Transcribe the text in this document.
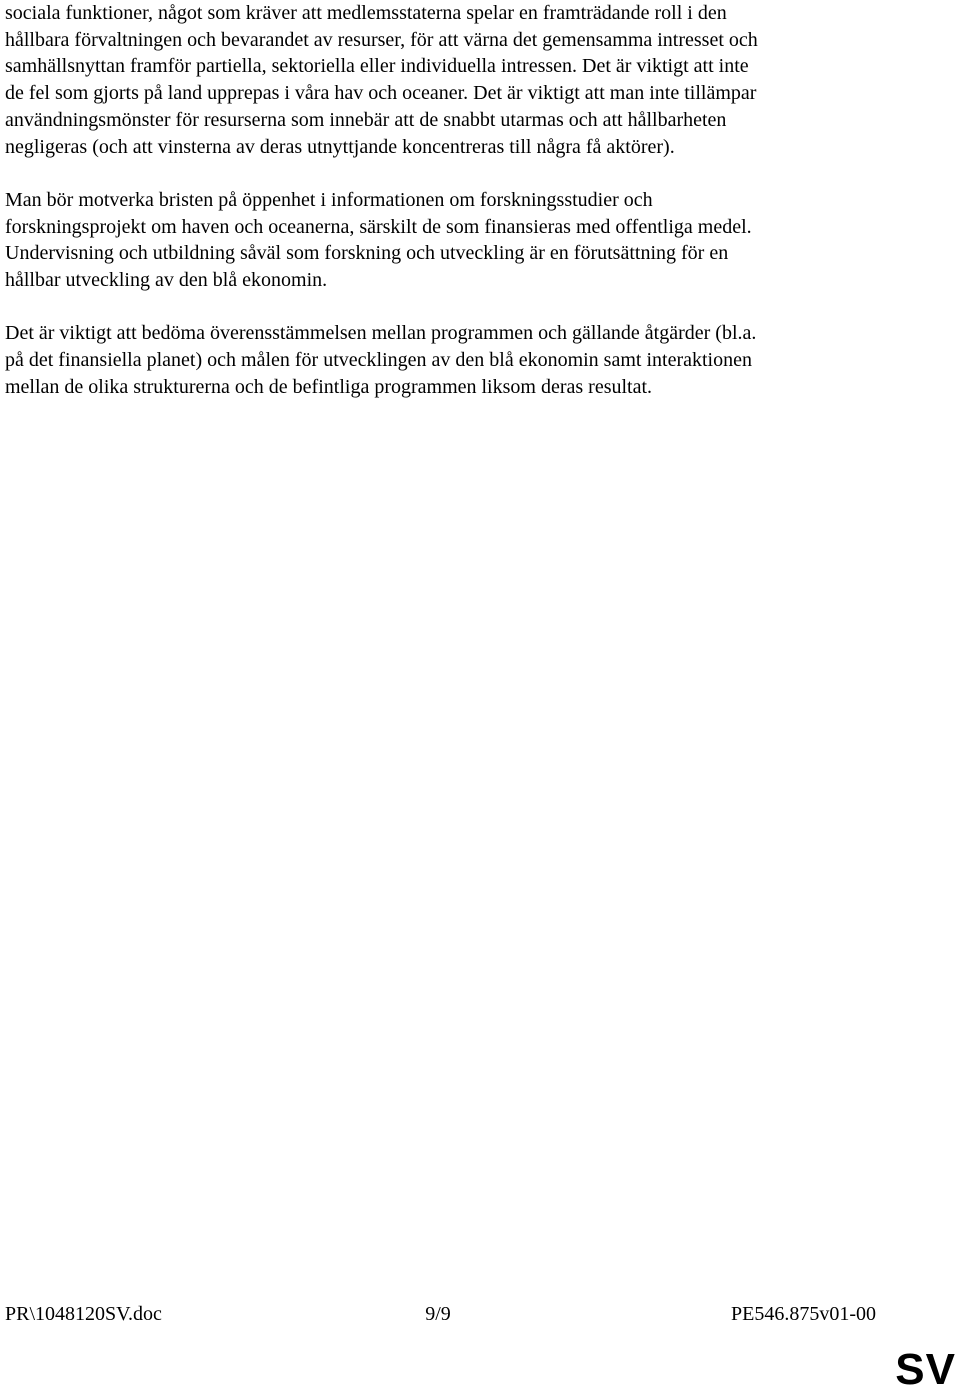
sociala funktioner, något som kräver att medlemsstaterna spelar en framträdande roll i den
hållbara förvaltningen och bevarandet av resurser, för att värna det gemensamma intresset och
samhällsnyttan framför partiella, sektoriella eller individuella intressen. Det är viktigt att inte
de fel som gjorts på land upprepas i våra hav och oceaner. Det är viktigt att man inte tillämpar
användningsmönster för resurserna som innebär att de snabbt utarmas och att hållbarheten
negligeras (och att vinsterna av deras utnyttjande koncentreras till några få aktörer).

Man bör motverka bristen på öppenhet i informationen om forskningsstudier och
forskningsprojekt om haven och oceanerna, särskilt de som finansieras med offentliga medel.
Undervisning och utbildning såväl som forskning och utveckling är en förutsättning för en
hållbar utveckling av den blå ekonomin.

Det är viktigt att bedöma överensstämmelsen mellan programmen och gällande åtgärder (bl.a.
på det finansiella planet) och målen för utvecklingen av den blå ekonomin samt interaktionen
mellan de olika strukturerna och de befintliga programmen liksom deras resultat.

PR\1048120SV.doc	9/9	PE546.875v01-00
SV
